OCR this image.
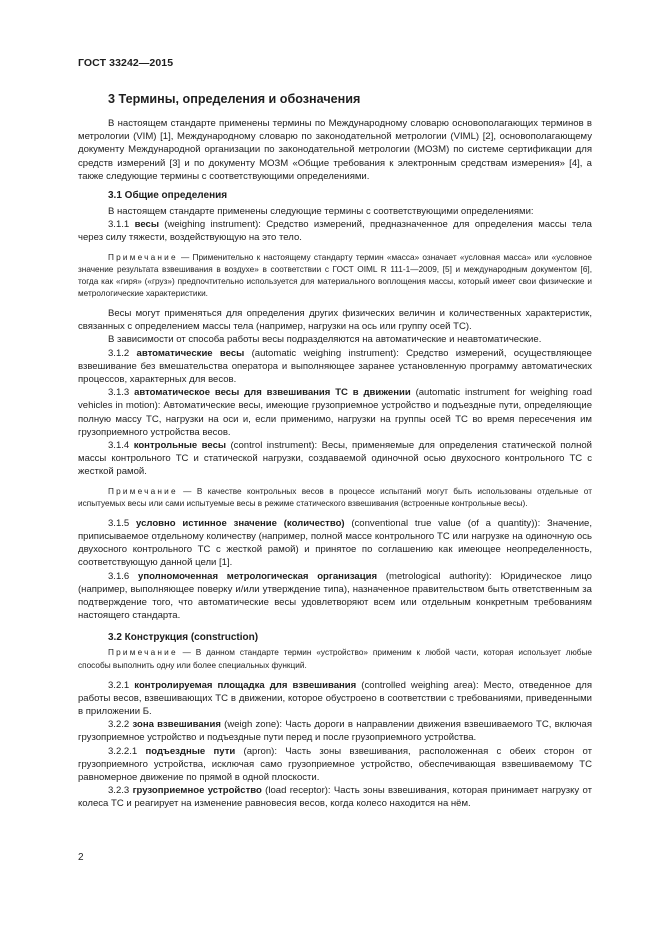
ГОСТ 33242—2015
3 Термины, определения и обозначения

В настоящем стандарте применены термины по Международному словарю основополагающих терминов в метрологии (VIM) [1], Международному словарю по законодательной метрологии (VIML) [2], основополагающему документу Международной организации по законодательной метрологии (МОЗМ) по системе сертификации для средств измерений [3] и по документу МОЗМ «Общие требования к электронным средствам измерения» [4], а также следующие термины с соответствующими определениями.

3.1 Общие определения

В настоящем стандарте применены следующие термины с соответствующими определениями:

3.1.1 весы (weighing instrument): Средство измерений, предназначенное для определения массы тела через силу тяжести, воздействующую на это тело.

Примечание — Применительно к настоящему стандарту термин «масса» означает «условная масса» или «условное значение результата взвешивания в воздухе» в соответствии с ГОСТ OIML R 111-1—2009, [5] и международным документом [6], тогда как «гиря» («груз») предпочтительно используется для материального воплощения массы, который имеет свои физические и метрологические характеристики.

Весы могут применяться для определения других физических величин и количественных характеристик, связанных с определением массы тела (например, нагрузки на ось или группу осей ТС).

В зависимости от способа работы весы подразделяются на автоматические и неавтоматические.

3.1.2 автоматические весы (automatic weighing instrument): Средство измерений, осуществляющее взвешивание без вмешательства оператора и выполняющее заранее установленную программу автоматических процессов, характерных для весов.

3.1.3 автоматическое весы для взвешивания ТС в движении (automatic instrument for weighing road vehicles in motion): Автоматические весы, имеющие грузоприемное устройство и подъездные пути, определяющие полную массу ТС, нагрузки на оси и, если применимо, нагрузки на группы осей ТС во время пересечения им грузоприемного устройства весов.

3.1.4 контрольные весы (control instrument): Весы, применяемые для определения статической полной массы контрольного ТС и статической нагрузки, создаваемой одиночной осью двухосного контрольного ТС с жесткой рамой.

Примечание — В качестве контрольных весов в процессе испытаний могут быть использованы отдельные от испытуемых весы или сами испытуемые весы в режиме статического взвешивания (встроенные контрольные весы).

3.1.5 условно истинное значение (количество) (conventional true value (of a quantity)): Значение, приписываемое отдельному количеству (например, полной массе контрольного ТС или нагрузке на одиночную ось двухосного контрольного ТС с жесткой рамой) и принятое по соглашению как имеющее неопределенность, соответствующую данной цели [1].

3.1.6 уполномоченная метрологическая организация (metrological authority): Юридическое лицо (например, выполняющее поверку и/или утверждение типа), назначенное правительством быть ответственным за подтверждение того, что автоматические весы удовлетворяют всем или отдельным конкретным требованиям настоящего стандарта.

3.2 Конструкция (construction)

Примечание — В данном стандарте термин «устройство» применим к любой части, которая использует любые способы выполнить одну или более специальных функций.

3.2.1 контролируемая площадка для взвешивания (controlled weighing area): Место, отведенное для работы весов, взвешивающих ТС в движении, которое обустроено в соответствии с требованиями, приведенными в приложении Б.

3.2.2 зона взвешивания (weigh zone): Часть дороги в направлении движения взвешиваемого ТС, включая грузоприемное устройство и подъездные пути перед и после грузоприемного устройства.

3.2.2.1 подъездные пути (apron): Часть зоны взвешивания, расположенная с обеих сторон от грузоприемного устройства, исключая само грузоприемное устройство, обеспечивающая взвешиваемому ТС равномерное движение по прямой в одной плоскости.

3.2.3 грузоприемное устройство (load receptor): Часть зоны взвешивания, которая принимает нагрузку от колеса ТС и реагирует на изменение равновесия весов, когда колесо находится на нём.

2
